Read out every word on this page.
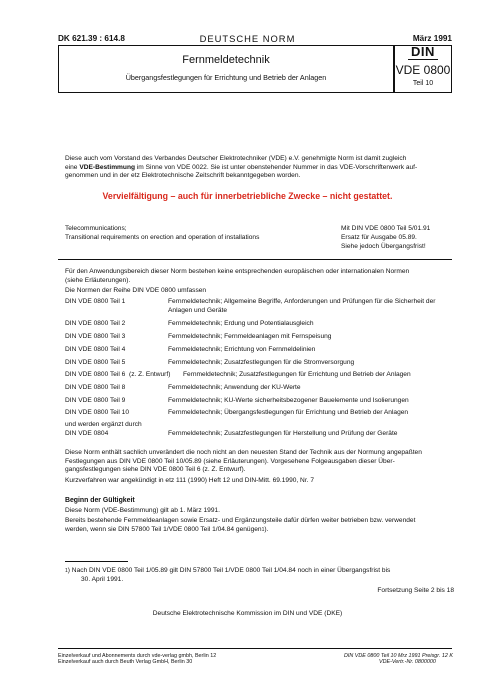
DK 621.39 : 614.8	DEUTSCHE NORM	März 1991
Fernmeldetechnik
Übergangsfestlegungen für Errichtung und Betrieb der Anlagen
DIN
VDE 0800
Teil 10
Diese auch vom Vorstand des Verbandes Deutscher Elektrotechniker (VDE) e.V. genehmigte Norm ist damit zugleich
eine VDE-Bestimmung im Sinne von VDE 0022. Sie ist unter obenstehender Nummer in das VDE-Vorschriftenwerk auf-
genommen und in der etz Elektrotechnische Zeitschrift bekanntgegeben worden.
Vervielfältigung – auch für innerbetriebliche Zwecke – nicht gestattet.
Telecommunications;
Transitional requirements on erection and operation of installations
Mit DIN VDE 0800 Teil 5/01.91
Ersatz für Ausgabe 05.89.
Siehe jedoch Übergangsfrist!
Für den Anwendungsbereich dieser Norm bestehen keine entsprechenden europäischen oder internationalen Normen
(siehe Erläuterungen).
Die Normen der Reihe DIN VDE 0800 umfassen
DIN VDE 0800 Teil 1	Fernmeldetechnik; Allgemeine Begriffe, Anforderungen und Prüfungen für die Sicherheit der
Anlagen und Geräte
DIN VDE 0800 Teil 2	Fernmeldetechnik; Erdung und Potentialausgleich
DIN VDE 0800 Teil 3	Fernmeldetechnik; Fernmeldeanlagen mit Fernspeisung
DIN VDE 0800 Teil 4	Fernmeldetechnik; Errichtung von Fernmeldelinien
DIN VDE 0800 Teil 5	Fernmeldetechnik; Zusatzfestlegungen für die Stromversorgung
DIN VDE 0800 Teil 6 (z. Z. Entwurf) Fernmeldetechnik; Zusatzfestlegungen für Errichtung und Betrieb der Anlagen
DIN VDE 0800 Teil 8	Fernmeldetechnik; Anwendung der KU-Werte
DIN VDE 0800 Teil 9	Fernmeldetechnik; KU-Werte sicherheitsbezogener Bauelemente und Isolierungen
DIN VDE 0800 Teil 10	Fernmeldetechnik; Übergangsfestlegungen für Errichtung und Betrieb der Anlagen
und werden ergänzt durch
DIN VDE 0804	Fernmeldetechnik; Zusatzfestlegungen für Herstellung und Prüfung der Geräte
Diese Norm enthält sachlich unverändert die noch nicht an den neuesten Stand der Technik aus der Normung angepaßten
Festlegungen aus DIN VDE 0800 Teil 10/05.89 (siehe Erläuterungen). Vorgesehene Folgeausgaben dieser Über-
gangsfestlegungen siehe DIN VDE 0800 Teil 6 (z. Z. Entwurf).
Kurzverfahren war angekündigt in etz 111 (1990) Heft 12 und DIN-Mitt. 69.1990, Nr. 7
Beginn der Gültigkeit
Diese Norm (VDE-Bestimmung) gilt ab 1. März 1991.
Bereits bestehende Fernmeldeanlagen sowie Ersatz- und Ergänzungsteile dafür dürfen weiter betrieben bzw. verwendet
werden, wenn sie DIN 57800 Teil 1/VDE 0800 Teil 1/04.84 genügen$^1$).
$^1$) Nach DIN VDE 0800 Teil 1/05.89 gilt DIN 57800 Teil 1/VDE 0800 Teil 1/04.84 noch in einer Übergangsfrist bis
30. April 1991.
Fortsetzung Seite 2 bis 18
Deutsche Elektrotechnische Kommission im DIN und VDE (DKE)
Einzelverkauf und Abonnements durch vde-verlag gmbh, Berlin 12
Einzelverkauf auch durch Beuth Verlag GmbH, Berlin 30
DIN VDE 0800 Teil 10 Mrz 1991 Preisgr. 12 K
VDE-Vertr.-Nr. 0800000
